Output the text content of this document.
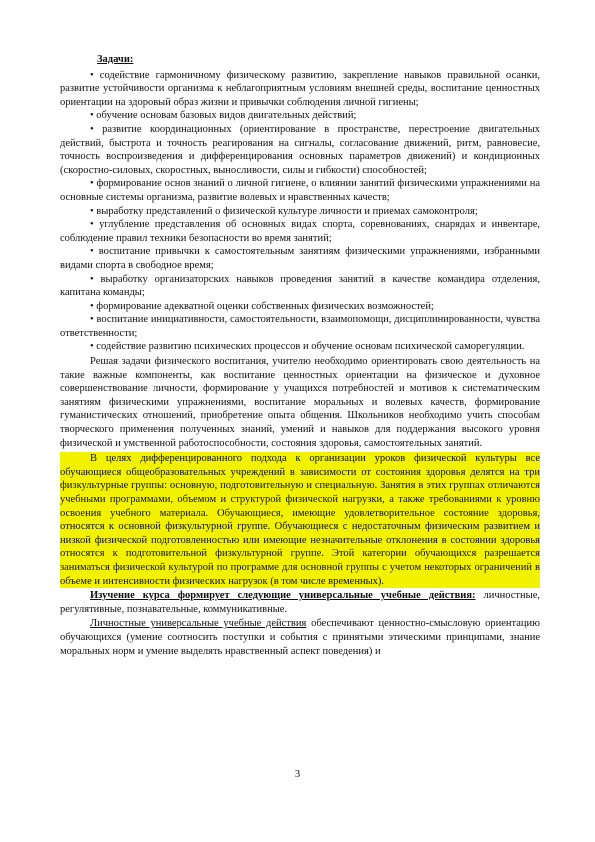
Задачи:

• содействие гармоничному физическому развитию, закрепление навыков правильной осанки, развитие устойчивости организма к неблагоприятным условиям внешней среды, воспитание ценностных ориентации на здоровый образ жизни и привычки соблюдения личной гигиены;

• обучение основам базовых видов двигательных действий;

• развитие координационных (ориентирование в пространстве, перестроение двигательных действий, быстрота и точность реагирования на сигналы, согласование движений, ритм, равновесие, точность воспроизведения и дифференцирования основных параметров движений) и кондиционных (скоростно-силовых, скоростных, выносливости, силы и гибкости) способностей;

• формирование основ знаний о личной гигиене, о влиянии занятий физическими упражнениями на основные системы организма, развитие волевых и нравственных качеств;

• выработку представлений о физической культуре личности и приемах самоконтроля;

• углубление представления об основных видах спорта, соревнованиях, снарядах и инвентаре, соблюдение правил техники безопасности во время занятий;

• воспитание привычки к самостоятельным занятиям физическими упражнениями, избранными видами спорта в свободное время;

• выработку организаторских навыков проведения занятий в качестве командира отделения, капитана команды;

• формирование адекватной оценки собственных физических возможностей;

• воспитание инициативности, самостоятельности, взаимопомощи, дисциплинированности, чувства ответственности;

• содействие развитию психических процессов и обучение основам психической саморегуляции.

Решая задачи физического воспитания, учителю необходимо ориентировать свою деятельность на такие важные компоненты, как воспитание ценностных ориентации на физическое и духовное совершенствование личности, формирование у учащихся потребностей и мотивов к систематическим занятиям физическими упражнениями, воспитание моральных и волевых качеств, формирование гуманистических отношений, приобретение опыта общения. Школьников необходимо учить способам творческого применения полученных знаний, умений и навыков для поддержания высокого уровня физической и умственной работоспособности, состояния здоровья, самостоятельных занятий.

В целях дифференцированного подхода к организации уроков физической культуры все обучающиеся общеобразовательных учреждений в зависимости от состояния здоровья делятся на три физкультурные группы: основную, подготовительную и специальную. Занятия в этих группах отличаются учебными программами, объемом и структурой физической нагрузки, а также требованиями к уровню освоения учебного материала. Обучающиеся, имеющие удовлетворительное состояние здоровья, относятся к основной физкультурной группе. Обучающиеся с недостаточным физическим развитием и низкой физической подготовленностью или имеющие незначительные отклонения в состоянии здоровья относятся к подготовительной физкультурной группе. Этой категории обучающихся разрешается заниматься физической культурой по программе для основной группы с учетом некоторых ограничений в объеме и интенсивности физических нагрузок (в том числе временных).

Изучение курса формирует следующие универсальные учебные действия: личностные, регулятивные, познавательные, коммуникативные.

Личностные универсальные учебные действия обеспечивают ценностно-смысловую ориентацию обучающихся (умение соотносить поступки и события с принятыми этическими принципами, знание моральных норм и умение выделять нравственный аспект поведения) и

3
